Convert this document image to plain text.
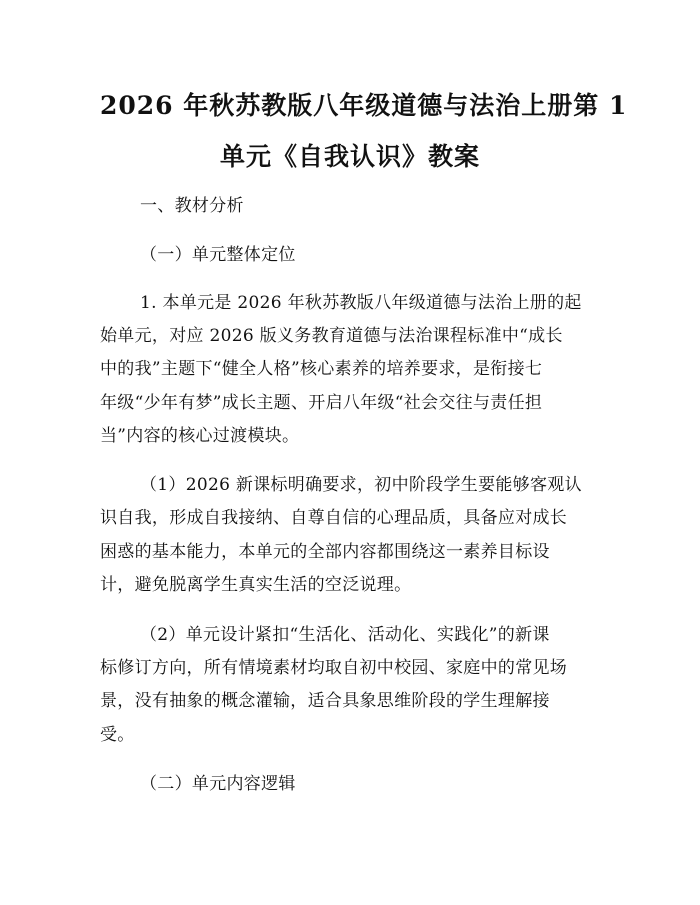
2026 年秋苏教版八年级道德与法治上册第 1
单元《自我认识》教案

一、教材分析

（一）单元整体定位

1. 本单元是 2026 年秋苏教版八年级道德与法治上册的起

始单元，对应 2026 版义务教育道德与法治课程标准中“成长

中的我”主题下“健全人格”核心素养的培养要求，是衔接七

年级“少年有梦”成长主题、开启八年级“社会交往与责任担

当”内容的核心过渡模块。

（1）2026 新课标明确要求，初中阶段学生要能够客观认

识自我，形成自我接纳、自尊自信的心理品质，具备应对成长

困惑的基本能力，本单元的全部内容都围绕这一素养目标设

计，避免脱离学生真实生活的空泛说理。

（2）单元设计紧扣“生活化、活动化、实践化”的新课

标修订方向，所有情境素材均取自初中校园、家庭中的常见场

景，没有抽象的概念灌输，适合具象思维阶段的学生理解接

受。

（二）单元内容逻辑
